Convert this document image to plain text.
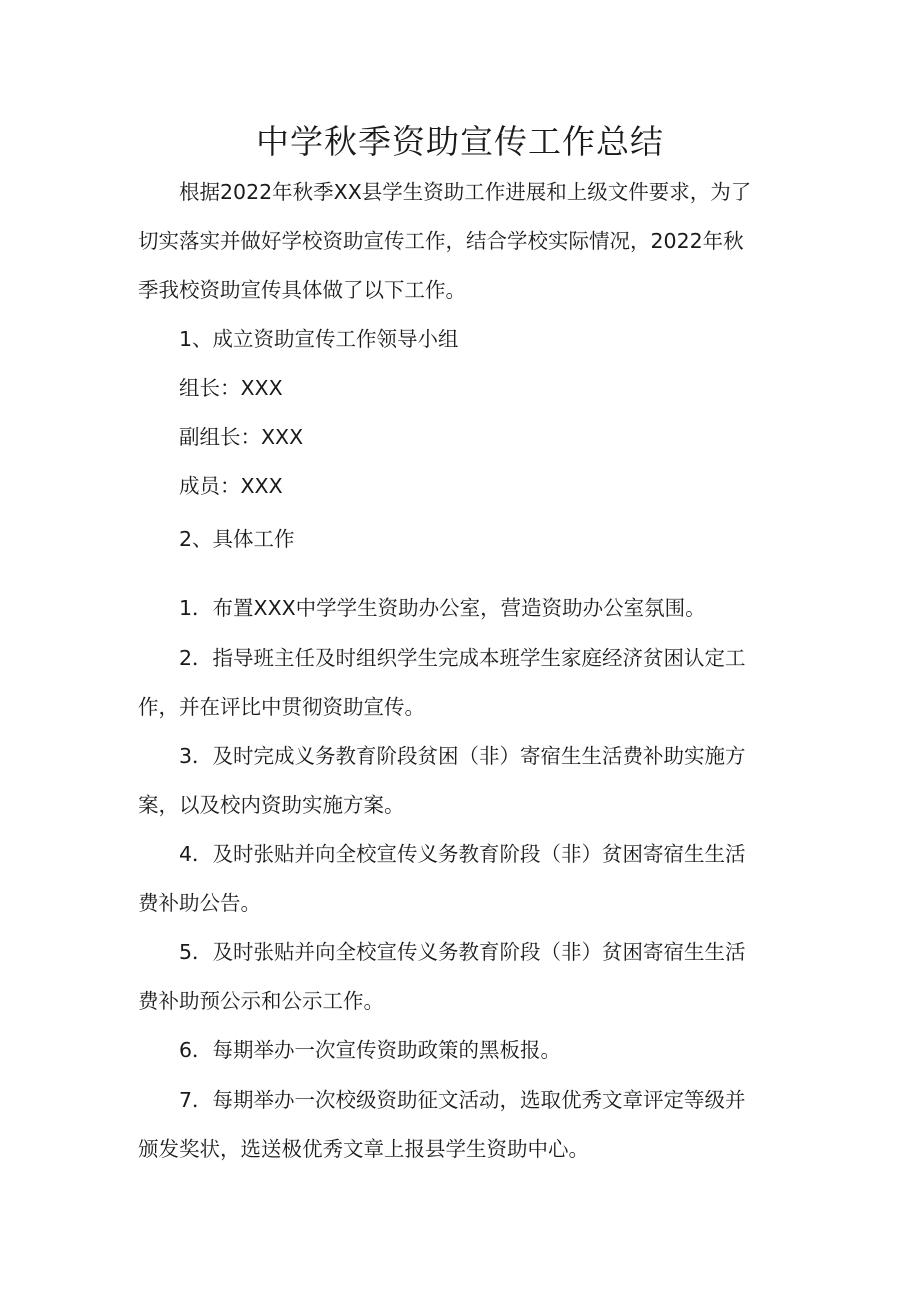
中学秋季资助宣传工作总结

　　根据2022年秋季XX县学生资助工作进展和上级文件要求，为了
切实落实并做好学校资助宣传工作，结合学校实际情况，2022年秋
季我校资助宣传具体做了以下工作。

　　1、成立资助宣传工作领导小组

　　组长：XXX

　　副组长：XXX

　　成员：XXX

　　2、具体工作

　　1．布置XXX中学学生资助办公室，营造资助办公室氛围。

　　2．指导班主任及时组织学生完成本班学生家庭经济贫困认定工
作，并在评比中贯彻资助宣传。

　　3．及时完成义务教育阶段贫困（非）寄宿生生活费补助实施方
案，以及校内资助实施方案。

　　4．及时张贴并向全校宣传义务教育阶段（非）贫困寄宿生生活
费补助公告。

　　5．及时张贴并向全校宣传义务教育阶段（非）贫困寄宿生生活
费补助预公示和公示工作。

　　6．每期举办一次宣传资助政策的黑板报。

　　7．每期举办一次校级资助征文活动，选取优秀文章评定等级并
颁发奖状，选送极优秀文章上报县学生资助中心。
